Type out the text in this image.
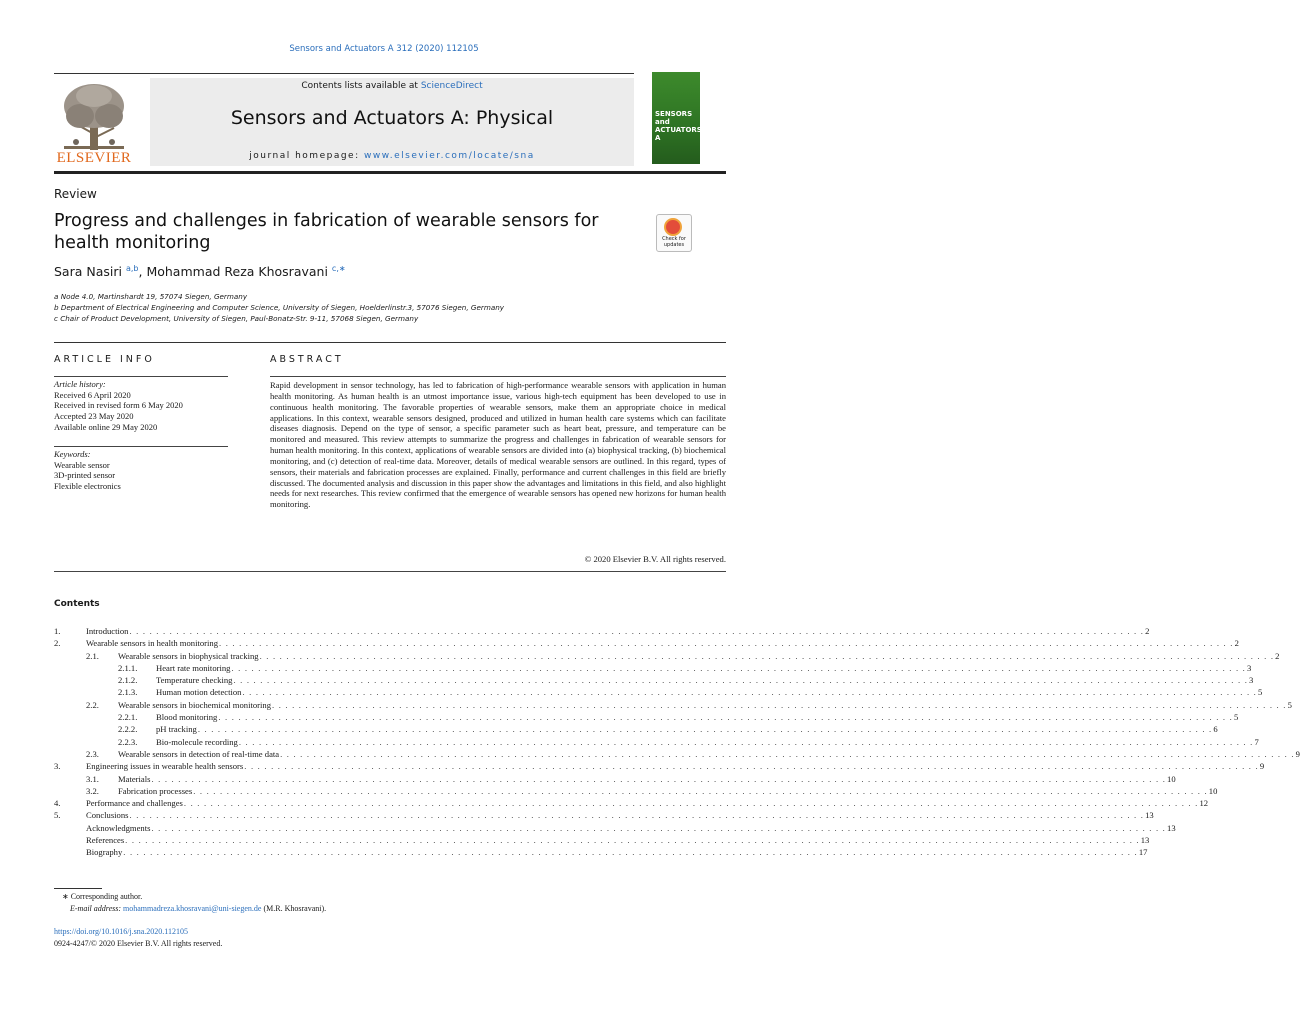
Sensors and Actuators A 312 (2020) 112105
ELSEVIER
Contents lists available at ScienceDirect
Sensors and Actuators A: Physical
journal homepage: www.elsevier.com/locate/sna
SENSORS and ACTUATORS A
Review
Progress and challenges in fabrication of wearable sensors for health monitoring	Check for updates
Sara Nasiri $^{a,b}$, Mohammad Reza Khosravani $^{c,∗}$
a Node 4.0, Martinshardt 19, 57074 Siegen, Germany
b Department of Electrical Engineering and Computer Science, University of Siegen, Hoelderlinstr.3, 57076 Siegen, Germany
c Chair of Product Development, University of Siegen, Paul-Bonatz-Str. 9-11, 57068 Siegen, Germany
ARTICLE INFO	ABSTRACT
Article history:
Received 6 April 2020
Received in revised form 6 May 2020
Accepted 23 May 2020
Available online 29 May 2020
Keywords:
Wearable sensor
3D-printed sensor
Flexible electronics
Rapid development in sensor technology, has led to fabrication of high-performance wearable sensors with application in human health monitoring. As human health is an utmost importance issue, various high-tech equipment has been developed to use in continuous health monitoring. The favorable properties of wearable sensors, make them an appropriate choice in medical applications. In this context, wearable sensors designed, produced and utilized in human health care systems which can facilitate diseases diagnosis. Depend on the type of sensor, a specific parameter such as heart beat, pressure, and temperature can be monitored and measured. This review attempts to summarize the progress and challenges in fabrication of wearable sensors for human health monitoring. In this context, applications of wearable sensors are divided into (a) biophysical tracking, (b) biochemical monitoring, and (c) detection of real-time data. Moreover, details of medical wearable sensors are outlined. In this regard, types of sensors, their materials and fabrication processes are explained. Finally, performance and current challenges in this field are briefly discussed. The documented analysis and discussion in this paper show the advantages and limitations in this field, and also highlight needs for next researches. This review confirmed that the emergence of wearable sensors has opened new horizons for human health monitoring.
© 2020 Elsevier B.V. All rights reserved.
Contents
1.	Introduction . . . . . . . . . . . . . . . . . . . . . . . . . . . . . . . . . . . . . . . . . . . . . . . . . . . . . . . . . . . . . . . . . . . . . . . . . . . . . . . . . . . . . . . . . . . . . . . . . . . . . . . . . . . . . . . . . . . . . . . . . . . . . . . . . . . . . . . . . . . . . . . . . . . . . . . . 2
2.	Wearable sensors in health monitoring . . . . . . . . . . . . . . . . . . . . . . . . . . . . . . . . . . . . . . . . . . . . . . . . . . . . . . . . . . . . . . . . . . . . . . . . . . . . . . . . . . . . . . . . . . . . . . . . . . . . . . . . . . . . . . . . . . . . . . . . . . . . . . . . . . . . . . . . . . . . . . . . . . . . . . . . 2
2.1. Wearable sensors in biophysical tracking . . . . . . . . . . . . . . . . . . . . . . . . . . . . . . . . . . . . . . . . . . . . . . . . . . . . . . . . . . . . . . . . . . . . . . . . . . . . . . . . . . . . . . . . . . . . . . . . . . . . . . . . . . . . . . . . . . . . . . . . . . . . . . . . . . . . . . . . . . . . . . . . . . . . . . . . 2
2.1.1. Heart rate monitoring . . . . . . . . . . . . . . . . . . . . . . . . . . . . . . . . . . . . . . . . . . . . . . . . . . . . . . . . . . . . . . . . . . . . . . . . . . . . . . . . . . . . . . . . . . . . . . . . . . . . . . . . . . . . . . . . . . . . . . . . . . . . . . . . . . . . . . . . . . . . . . . . . . . . . . . . 3
2.1.2. Temperature checking . . . . . . . . . . . . . . . . . . . . . . . . . . . . . . . . . . . . . . . . . . . . . . . . . . . . . . . . . . . . . . . . . . . . . . . . . . . . . . . . . . . . . . . . . . . . . . . . . . . . . . . . . . . . . . . . . . . . . . . . . . . . . . . . . . . . . . . . . . . . . . . . . . . . . . . . 3
2.1.3. Human motion detection . . . . . . . . . . . . . . . . . . . . . . . . . . . . . . . . . . . . . . . . . . . . . . . . . . . . . . . . . . . . . . . . . . . . . . . . . . . . . . . . . . . . . . . . . . . . . . . . . . . . . . . . . . . . . . . . . . . . . . . . . . . . . . . . . . . . . . . . . . . . . . . . . . . . . . . . 5
2.2. Wearable sensors in biochemical monitoring . . . . . . . . . . . . . . . . . . . . . . . . . . . . . . . . . . . . . . . . . . . . . . . . . . . . . . . . . . . . . . . . . . . . . . . . . . . . . . . . . . . . . . . . . . . . . . . . . . . . . . . . . . . . . . . . . . . . . . . . . . . . . . . . . . . . . . . . . . . . . . . . . . . . . . . . 5
2.2.1. Blood monitoring . . . . . . . . . . . . . . . . . . . . . . . . . . . . . . . . . . . . . . . . . . . . . . . . . . . . . . . . . . . . . . . . . . . . . . . . . . . . . . . . . . . . . . . . . . . . . . . . . . . . . . . . . . . . . . . . . . . . . . . . . . . . . . . . . . . . . . . . . . . . . . . . . . . . . . . . 5
2.2.2. pH tracking . . . . . . . . . . . . . . . . . . . . . . . . . . . . . . . . . . . . . . . . . . . . . . . . . . . . . . . . . . . . . . . . . . . . . . . . . . . . . . . . . . . . . . . . . . . . . . . . . . . . . . . . . . . . . . . . . . . . . . . . . . . . . . . . . . . . . . . . . . . . . . . . . . . . . . . . 6
2.2.3. Bio-molecule recording . . . . . . . . . . . . . . . . . . . . . . . . . . . . . . . . . . . . . . . . . . . . . . . . . . . . . . . . . . . . . . . . . . . . . . . . . . . . . . . . . . . . . . . . . . . . . . . . . . . . . . . . . . . . . . . . . . . . . . . . . . . . . . . . . . . . . . . . . . . . . . . . . . . . . . . . 7
2.3. Wearable sensors in detection of real-time data . . . . . . . . . . . . . . . . . . . . . . . . . . . . . . . . . . . . . . . . . . . . . . . . . . . . . . . . . . . . . . . . . . . . . . . . . . . . . . . . . . . . . . . . . . . . . . . . . . . . . . . . . . . . . . . . . . . . . . . . . . . . . . . . . . . . . . . . . . . . . . . . . . . . . . . . 9
3.	Engineering issues in wearable health sensors . . . . . . . . . . . . . . . . . . . . . . . . . . . . . . . . . . . . . . . . . . . . . . . . . . . . . . . . . . . . . . . . . . . . . . . . . . . . . . . . . . . . . . . . . . . . . . . . . . . . . . . . . . . . . . . . . . . . . . . . . . . . . . . . . . . . . . . . . . . . . . . . . . . . . . . . 9
3.1. Materials . . . . . . . . . . . . . . . . . . . . . . . . . . . . . . . . . . . . . . . . . . . . . . . . . . . . . . . . . . . . . . . . . . . . . . . . . . . . . . . . . . . . . . . . . . . . . . . . . . . . . . . . . . . . . . . . . . . . . . . . . . . . . . . . . . . . . . . . . . . . . . . . . . . . . . . . 10
3.2. Fabrication processes . . . . . . . . . . . . . . . . . . . . . . . . . . . . . . . . . . . . . . . . . . . . . . . . . . . . . . . . . . . . . . . . . . . . . . . . . . . . . . . . . . . . . . . . . . . . . . . . . . . . . . . . . . . . . . . . . . . . . . . . . . . . . . . . . . . . . . . . . . . . . . . . . . . . . . . . 10
4.	Performance and challenges . . . . . . . . . . . . . . . . . . . . . . . . . . . . . . . . . . . . . . . . . . . . . . . . . . . . . . . . . . . . . . . . . . . . . . . . . . . . . . . . . . . . . . . . . . . . . . . . . . . . . . . . . . . . . . . . . . . . . . . . . . . . . . . . . . . . . . . . . . . . . . . . . . . . . . . . 12
5.	Conclusions . . . . . . . . . . . . . . . . . . . . . . . . . . . . . . . . . . . . . . . . . . . . . . . . . . . . . . . . . . . . . . . . . . . . . . . . . . . . . . . . . . . . . . . . . . . . . . . . . . . . . . . . . . . . . . . . . . . . . . . . . . . . . . . . . . . . . . . . . . . . . . . . . . . . . . . . 13
Acknowledgments . . . . . . . . . . . . . . . . . . . . . . . . . . . . . . . . . . . . . . . . . . . . . . . . . . . . . . . . . . . . . . . . . . . . . . . . . . . . . . . . . . . . . . . . . . . . . . . . . . . . . . . . . . . . . . . . . . . . . . . . . . . . . . . . . . . . . . . . . . . . . . . . . . . . . . . . 13
References . . . . . . . . . . . . . . . . . . . . . . . . . . . . . . . . . . . . . . . . . . . . . . . . . . . . . . . . . . . . . . . . . . . . . . . . . . . . . . . . . . . . . . . . . . . . . . . . . . . . . . . . . . . . . . . . . . . . . . . . . . . . . . . . . . . . . . . . . . . . . . . . . . . . . . . . 13
Biography . . . . . . . . . . . . . . . . . . . . . . . . . . . . . . . . . . . . . . . . . . . . . . . . . . . . . . . . . . . . . . . . . . . . . . . . . . . . . . . . . . . . . . . . . . . . . . . . . . . . . . . . . . . . . . . . . . . . . . . . . . . . . . . . . . . . . . . . . . . . . . . . . . . . . . . . 17
∗ Corresponding author.
E-mail address: mohammadreza.khosravani@uni-siegen.de (M.R. Khosravani).
https://doi.org/10.1016/j.sna.2020.112105
0924-4247/© 2020 Elsevier B.V. All rights reserved.
